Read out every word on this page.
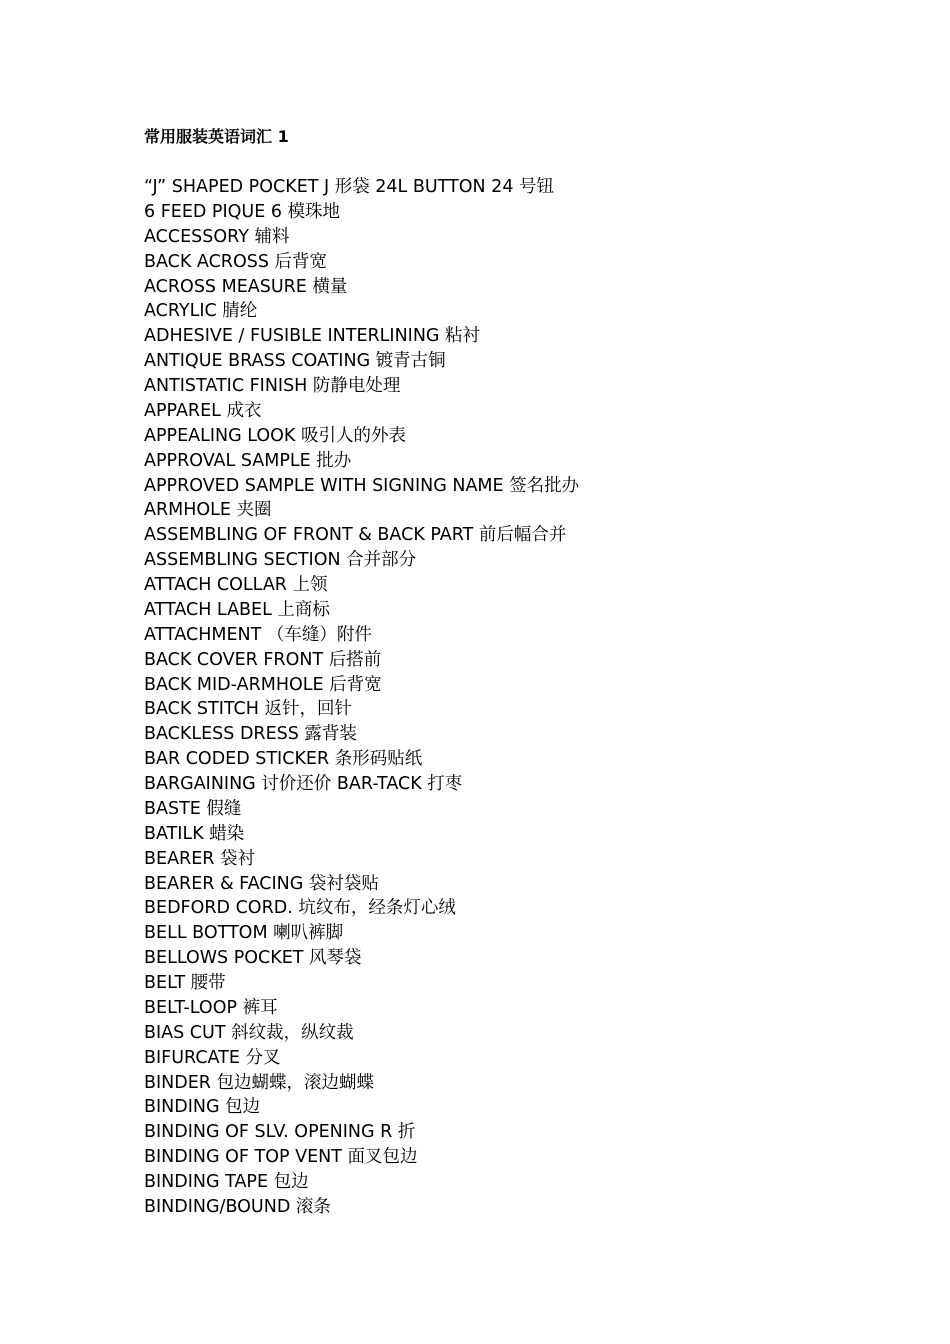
常用服装英语词汇 1
“J” SHAPED POCKET J 形袋 24L BUTTON 24 号钮
6 FEED PIQUE 6 模珠地
ACCESSORY 辅料
BACK ACROSS 后背宽
ACROSS MEASURE 横量
ACRYLIC 腈纶
ADHESIVE / FUSIBLE INTERLINING 粘衬
ANTIQUE BRASS COATING 镀青古铜
ANTISTATIC FINISH 防静电处理
APPAREL 成衣
APPEALING LOOK 吸引人的外表
APPROVAL SAMPLE 批办
APPROVED SAMPLE WITH SIGNING NAME 签名批办
ARMHOLE 夹圈
ASSEMBLING OF FRONT & BACK PART 前后幅合并
ASSEMBLING SECTION 合并部分
ATTACH COLLAR 上领
ATTACH LABEL 上商标
ATTACHMENT （车缝）附件
BACK COVER FRONT 后搭前
BACK MID-ARMHOLE 后背宽
BACK STITCH 返针，回针
BACKLESS DRESS 露背装
BAR CODED STICKER 条形码贴纸
BARGAINING 讨价还价 BAR-TACK 打枣
BASTE 假缝
BATILK 蜡染
BEARER 袋衬
BEARER & FACING 袋衬袋贴
BEDFORD CORD. 坑纹布，经条灯心绒
BELL BOTTOM 喇叭裤脚
BELLOWS POCKET 风琴袋
BELT 腰带
BELT-LOOP 裤耳
BIAS CUT 斜纹裁，纵纹裁
BIFURCATE 分叉
BINDER 包边蝴蝶，滚边蝴蝶
BINDING 包边
BINDING OF SLV. OPENING R 折
BINDING OF TOP VENT 面叉包边
BINDING TAPE 包边
BINDING/BOUND 滚条
